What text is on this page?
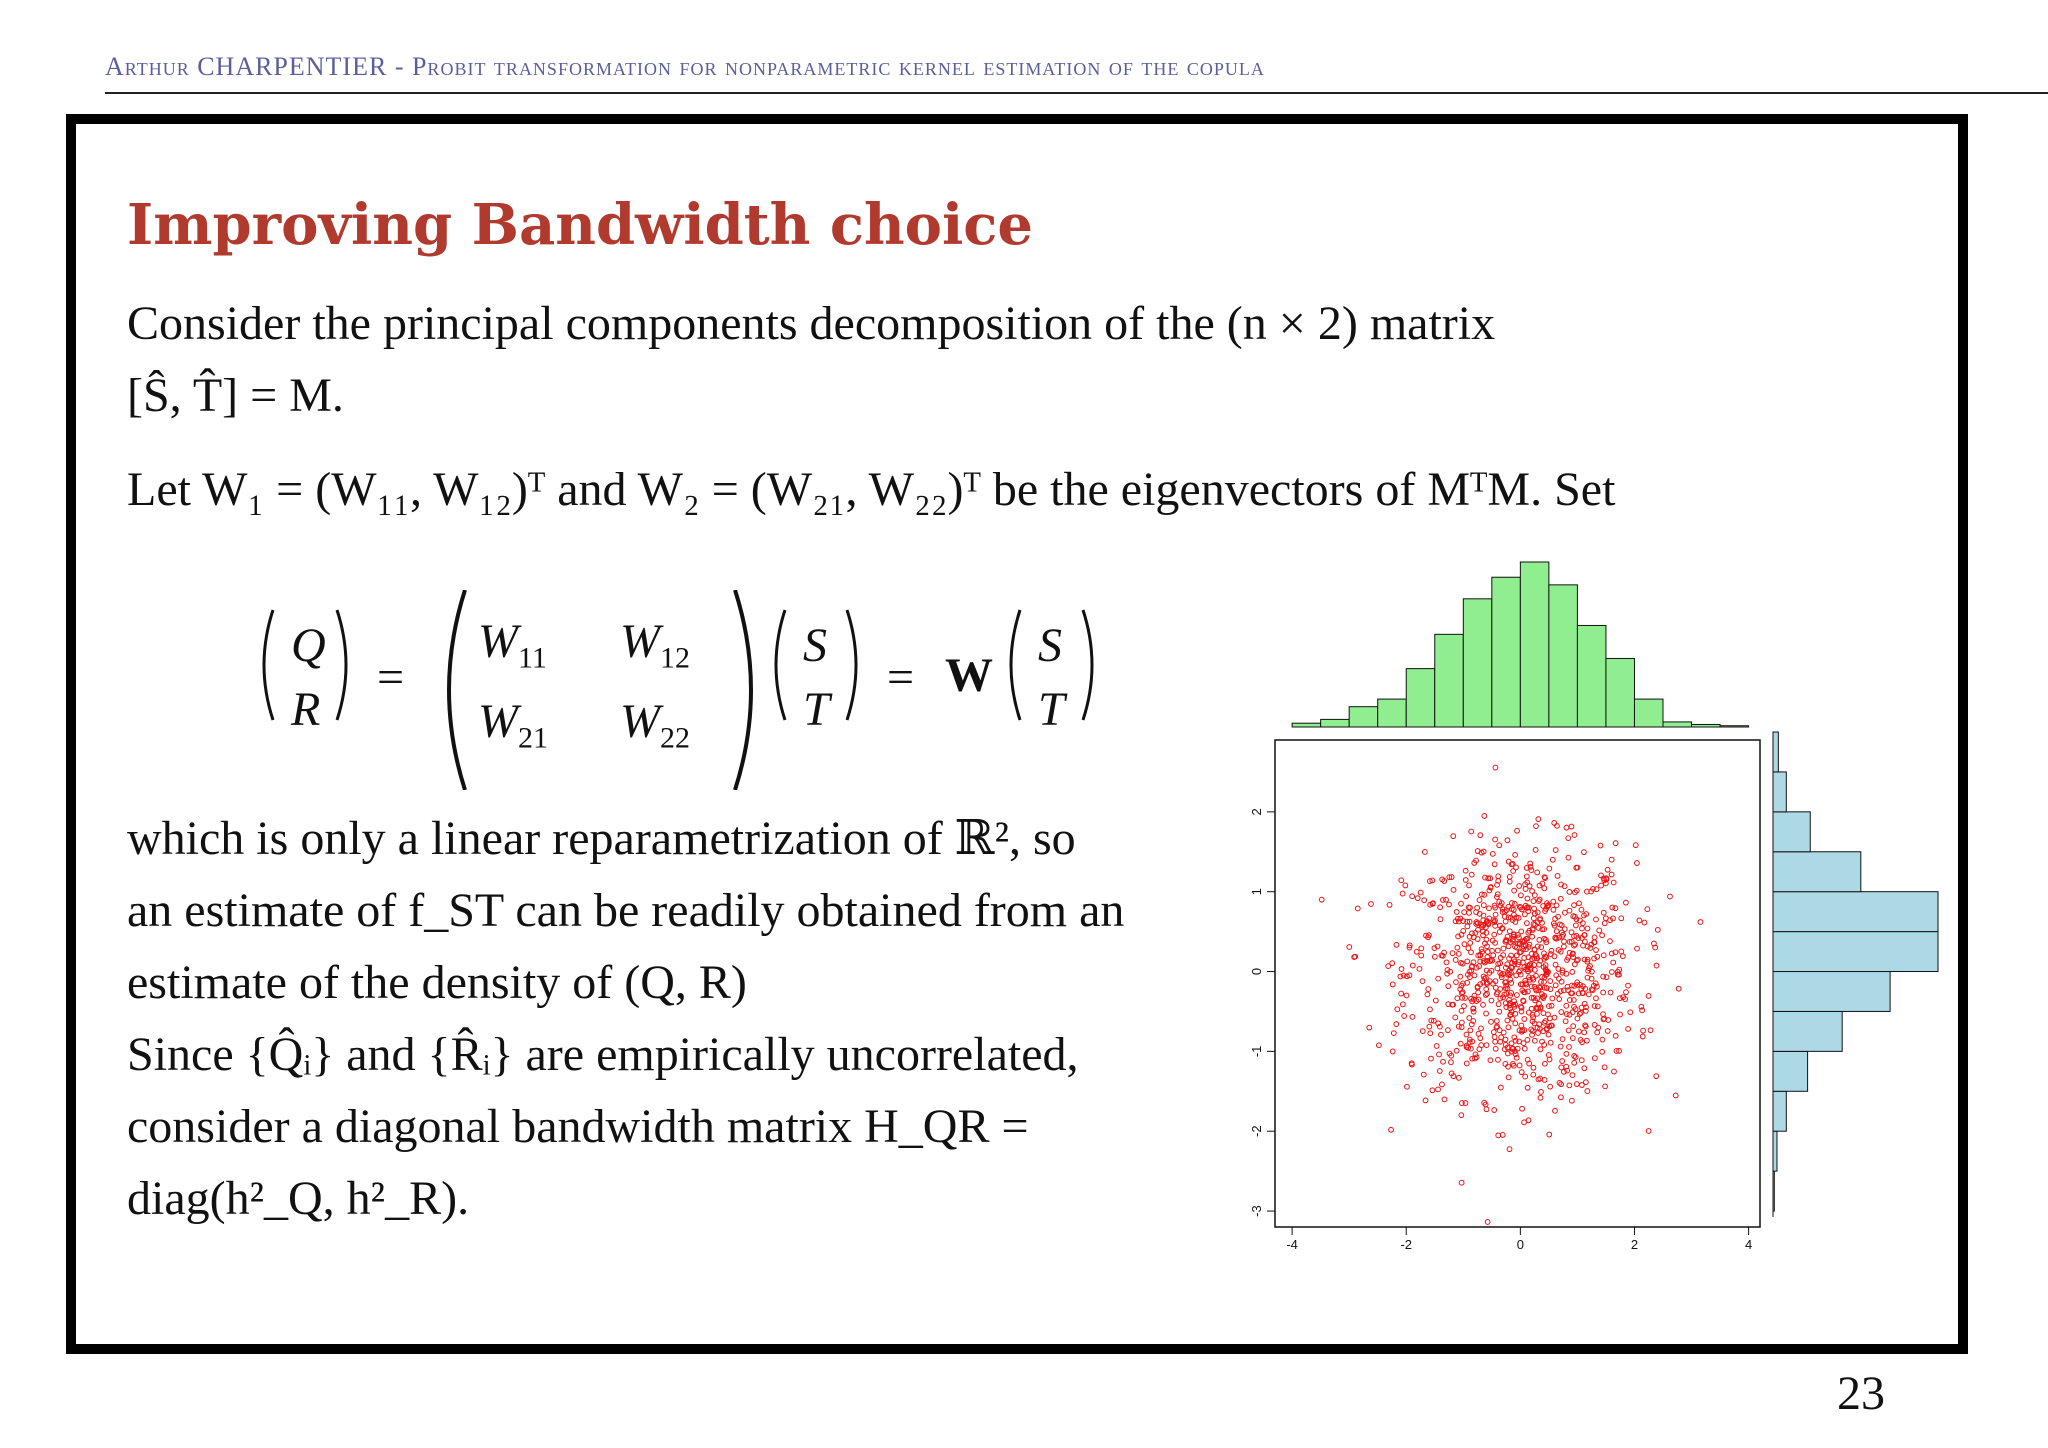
Arthur CHARPENTIER - Probit transformation for nonparametric kernel estimation of the copula
Improving Bandwidth choice
Consider the principal components decomposition of the (n × 2) matrix
[Ŝ, T̂] = M.
Let W₁ = (W₁₁, W₁₂)ᵀ and W₂ = (W₂₁, W₂₂)ᵀ be the eigenvectors of MᵀM. Set
Q
R
=
$W_{11}$ $W_{12}$
$W_{21}$ $W_{22}$
S
T
= W
S
T
which is only a linear reparametrization of ℝ², so
an estimate of f_ST can be readily obtained from an
estimate of the density of (Q, R)
Since {Q̂ᵢ} and {R̂ᵢ} are empirically uncorrelated,
consider a diagonal bandwidth matrix H_QR =
diag(h²_Q, h²_R).
-4	-2	0	2	4
-3
-2
-1
0
1
2
23
